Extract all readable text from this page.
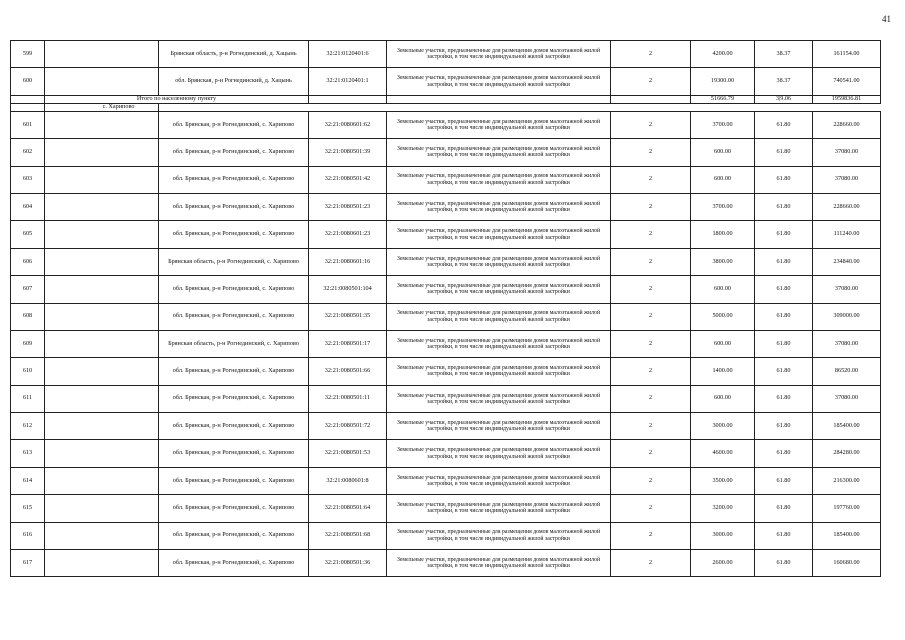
41
599		Брянская область, р-н Рогнединский, д. Хацынь	32:21:0120401:6	Земельные участки, предназначенные для размещения домов малоэтажной жилой застройки, в том числе индивидуальной жилой застройки	2	4200.00	38.37	161154.00
600		обл. Брянская, р-н Рогнединский, д. Хацынь	32:21:0120401:1	Земельные участки, предназначенные для размещения домов малоэтажной жилой застройки, в том числе индивидуальной жилой застройки	2	19300.00	38.37	740541.00
	Итого по населенному пункту					51666.79	3|9.06	1959836.81
	с. Харипово							
601		обл. Брянская, р-н Рогнединский, с. Харипово	32:21:0080601:62	Земельные участки, предназначенные для размещения домов малоэтажной жилой застройки, в том числе индивидуальной жилой застройки	2	3700.00	61.80	228660.00
602		обл. Брянская, р-н Рогнединский, с. Харипово	32:21:0080501:39	Земельные участки, предназначенные для размещения домов малоэтажной жилой застройки, в том числе индивидуальной жилой застройки	2	600.00	61.80	37080.00
603		обл. Брянская, р-н Рогнединский, с. Харипово	32:21:0080501:42	Земельные участки, предназначенные для размещения домов малоэтажной жилой застройки, в том числе индивидуальной жилой застройки	2	600.00	61.80	37080.00
604		обл. Брянская, р-н Рогнединский, с. Харипово	32:21:0080501:23	Земельные участки, предназначенные для размещения домов малоэтажной жилой застройки, в том числе индивидуальной жилой застройки	2	3700.00	61.80	228660.00
605		обл. Брянская, р-н Рогнединский, с. Харипово	32:21:0080601:23	Земельные участки, предназначенные для размещения домов малоэтажной жилой застройки, в том числе индивидуальной жилой застройки	2	1800.00	61.80	111240.00
606		Брянская область, р-н Рогнединский, с. Харипово	32:21:0080601:16	Земельные участки, предназначенные для размещения домов малоэтажной жилой застройки, в том числе индивидуальной жилой застройки	2	3800.00	61.80	234840.00
607		обл. Брянская, р-н Рогнединский, с. Харипово	32:21:0080501:104	Земельные участки, предназначенные для размещения домов малоэтажной жилой застройки, в том числе индивидуальной жилой застройки	2	600.00	61.80	37080.00
608		обл. Брянская, р-н Рогнединский, с. Харипово	32:21:0080501:35	Земельные участки, предназначенные для размещения домов малоэтажной жилой застройки, в том числе индивидуальной жилой застройки	2	5000.00	61.80	309000.00
609		Брянская область, р-н Рогнединский, с. Харипово	32:21:0080501:17	Земельные участки, предназначенные для размещения домов малоэтажной жилой застройки, в том числе индивидуальной жилой застройки	2	600.00	61.80	37080.00
610		обл. Брянская, р-н Рогнединский, с. Харипово	32:21:0080501:66	Земельные участки, предназначенные для размещения домов малоэтажной жилой застройки, в том числе индивидуальной жилой застройки	2	1400.00	61.80	86520.00
611		обл. Брянская, р-н Рогнединский, с. Харипово	32:21:0080501:11	Земельные участки, предназначенные для размещения домов малоэтажной жилой застройки, в том числе индивидуальной жилой застройки	2	600.00	61.80	37080.00
612		обл. Брянская, р-н Рогнединский, с. Харипово	32:21:0080501:72	Земельные участки, предназначенные для размещения домов малоэтажной жилой застройки, в том числе индивидуальной жилой застройки	2	3000.00	61.80	185400.00
613		обл. Брянская, р-н Рогнединский, с. Харипово	32:21:0080501:53	Земельные участки, предназначенные для размещения домов малоэтажной жилой застройки, в том числе индивидуальной жилой застройки	2	4600.00	61.80	284280.00
614		обл. Брянская, р-н Рогнединский, с. Харипово	32:21:0080601:8	Земельные участки, предназначенные для размещения домов малоэтажной жилой застройки, в том числе индивидуальной жилой застройки	2	3500.00	61.80	216300.00
615		обл. Брянская, р-н Рогнединский, с. Харипово	32:21:0080501:64	Земельные участки, предназначенные для размещения домов малоэтажной жилой застройки, в том числе индивидуальной жилой застройки	2	3200.00	61.80	197760.00
616		обл. Брянская, р-н Рогнединский, с. Харипово	32:21:0080501:68	Земельные участки, предназначенные для размещения домов малоэтажной жилой застройки, в том числе индивидуальной жилой застройки	2	3000.00	61.80	185400.00
617		обл. Брянская, р-н Рогнединский, с. Харипово	32:21:0080501:36	Земельные участки, предназначенные для размещения домов малоэтажной жилой застройки, в том числе индивидуальной жилой застройки	2	2600.00	61.80	160680.00
